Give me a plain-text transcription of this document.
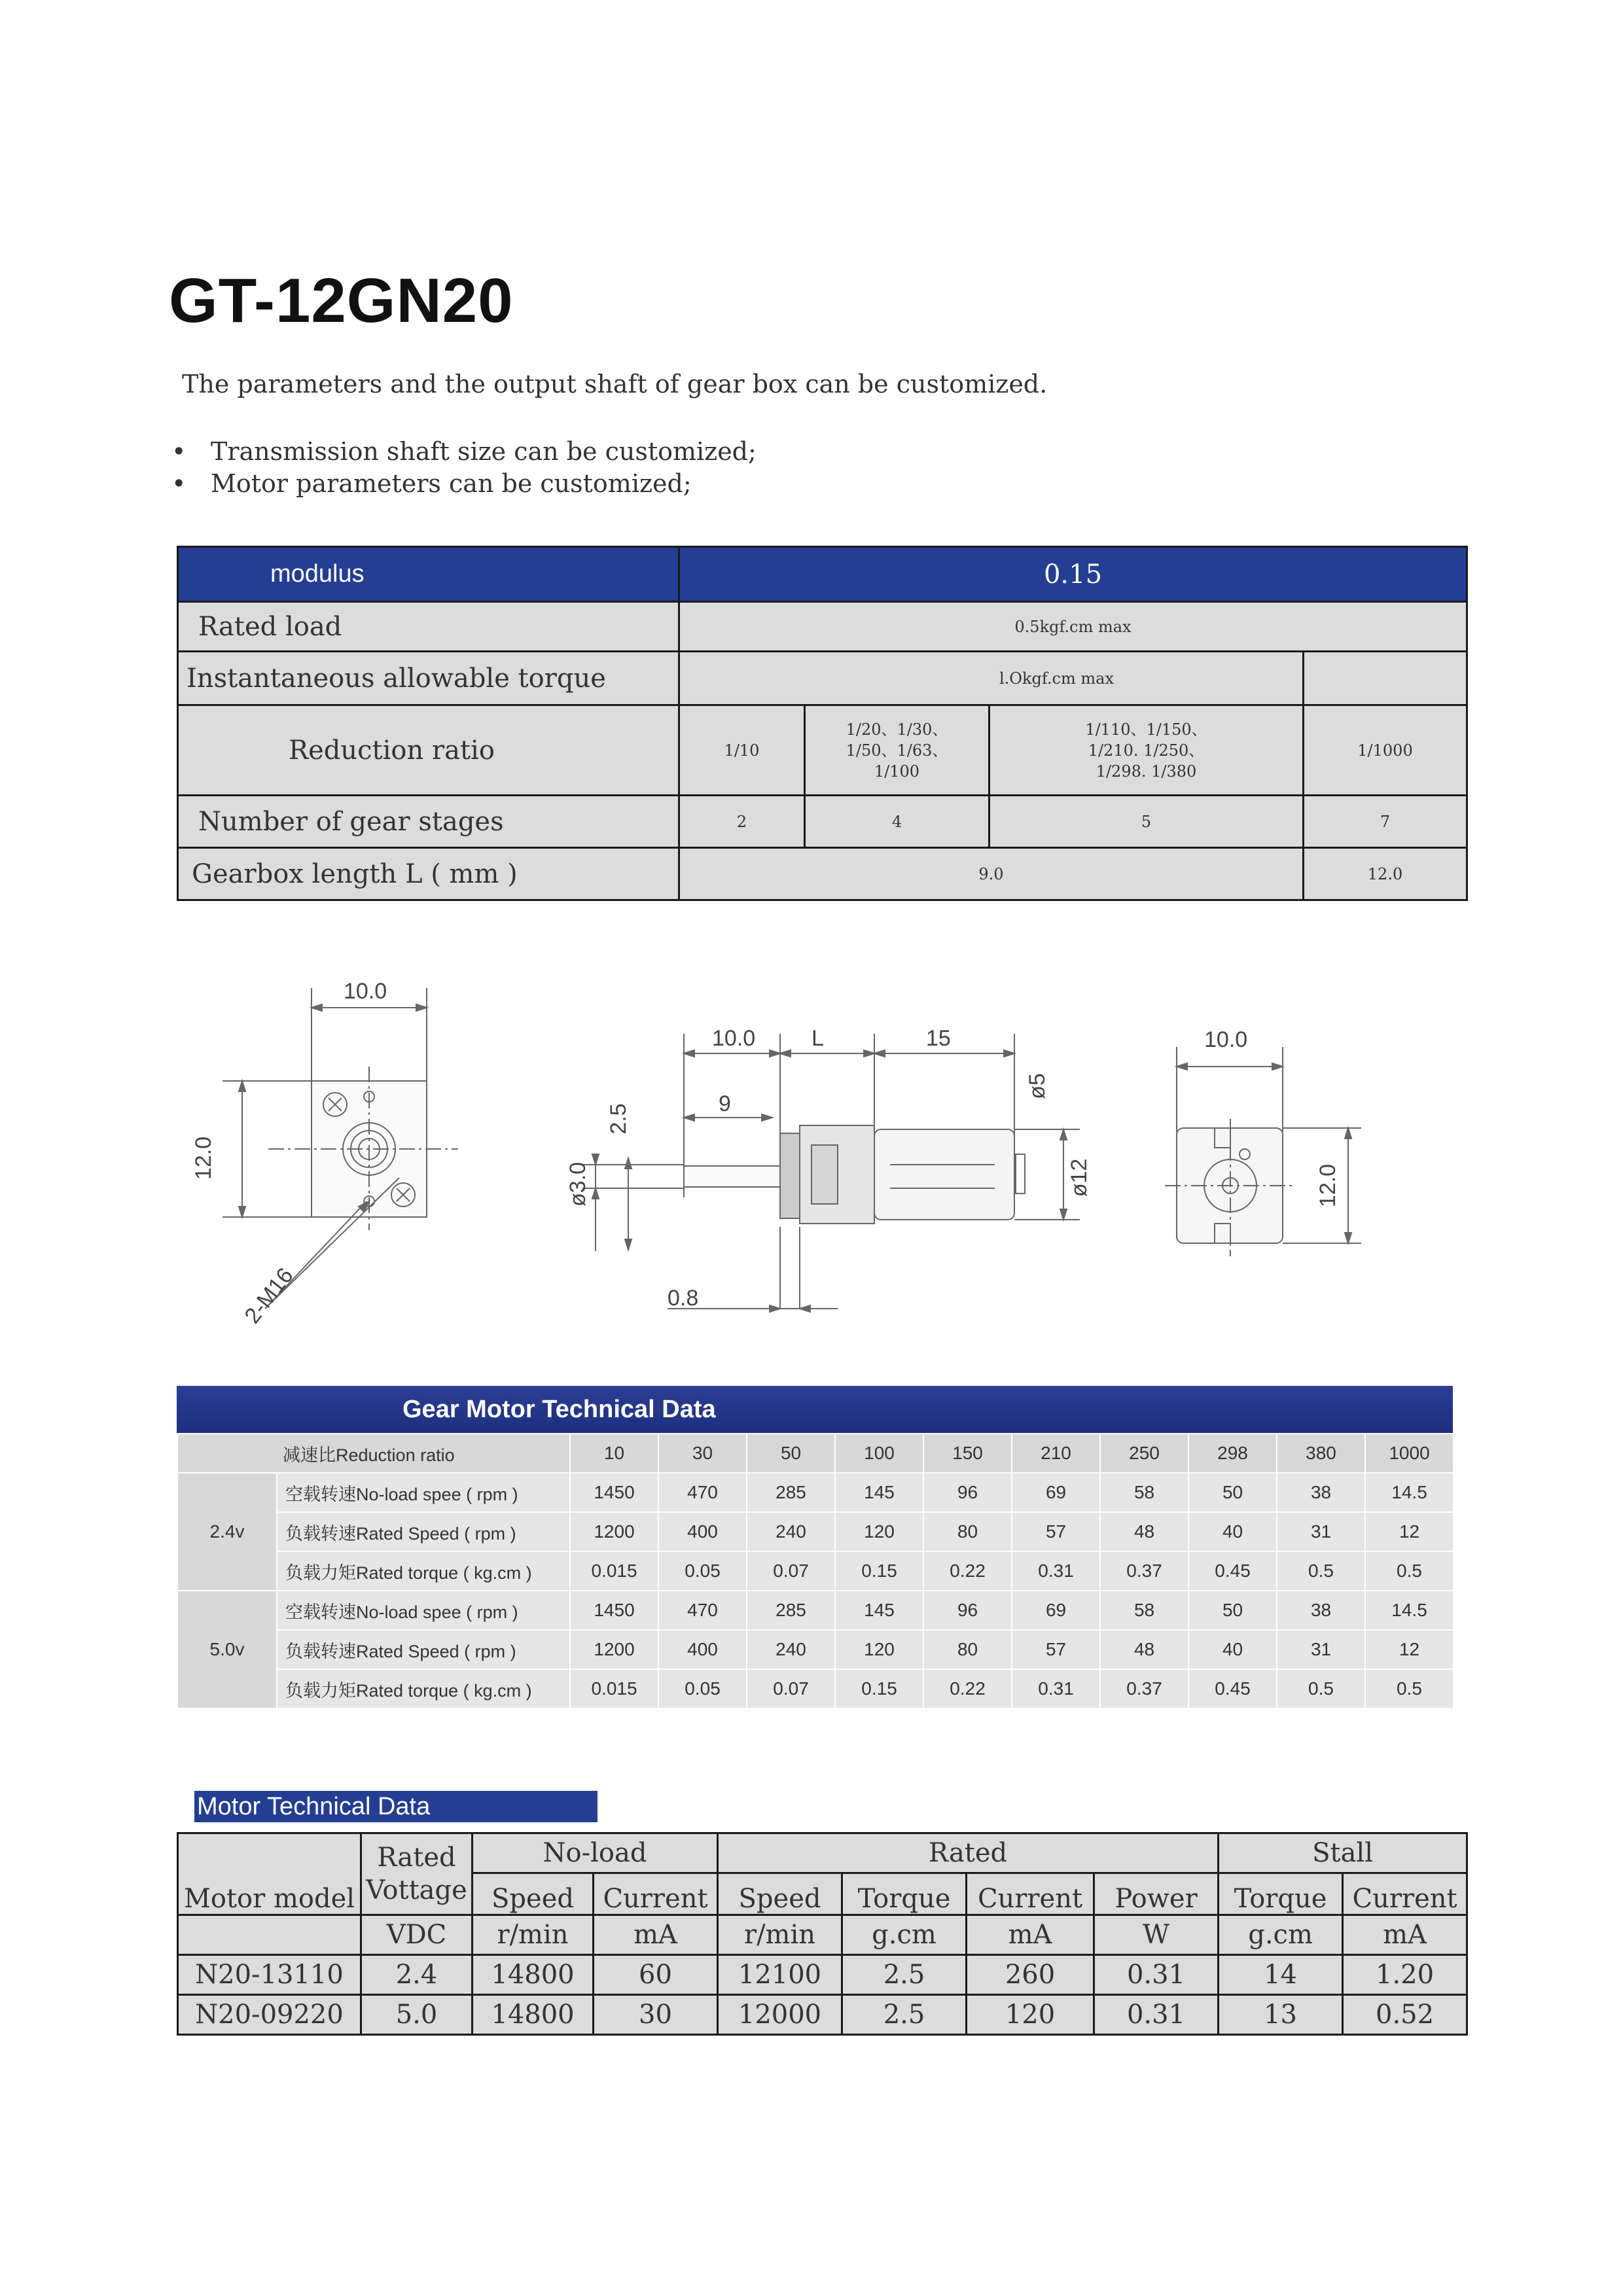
GT-12GN20
The parameters and the output shaft of gear box can be customized.
• Transmission shaft size can be customized;
• Motor parameters can be customized;
modulus	0.15			
Rated load	0.5kgf.cm max			
Instantaneous allowable torque	l.Okgf.cm max			
Reduction ratio	1/10	1/20、1/30、 1/50、1/63、 1/100	1/110、1/150、 1/210. 1/250、 1/298. 1/380	1/1000
Number of gear stages	2	4	5	7
Gearbox length L ( mm )	9.0			12.0
10.0
12.0
2-M16
10.0	L	15
9
2.5
ø3.0
ø5
ø12
0.8
10.0
12.0
Gear Motor Technical Data
减速比Reduction ratio		10	30	50	100	150	210	250	298	380	1000
2.4v	空载转速No-load spee ( rpm )	1450	470	285	145	96	69	58	50	38	14.5
	负载转速Rated Speed ( rpm )	1200	400	240	120	80	57	48	40	31	12
	负载力矩Rated torque ( kg.cm )	0.015	0.05	0.07	0.15	0.22	0.31	0.37	0.45	0.5	0.5
5.0v	空载转速No-load spee ( rpm )	1450	470	285	145	96	69	58	50	38	14.5
	负载转速Rated Speed ( rpm )	1200	400	240	120	80	57	48	40	31	12
	负载力矩Rated torque ( kg.cm )	0.015	0.05	0.07	0.15	0.22	0.31	0.37	0.45	0.5	0.5
Motor Technical Data
Motor model	Rated Vottage	No-load		Rated				Stall	
		Speed	Current	Speed	Torque	Current	Power	Torque	Current
	VDC	r/min	mA	r/min	g.cm	mA	W	g.cm	mA
N20-13110	2.4	14800	60	12100	2.5	260	0.31	14	1.20
N20-09220	5.0	14800	30	12000	2.5	120	0.31	13	0.52
